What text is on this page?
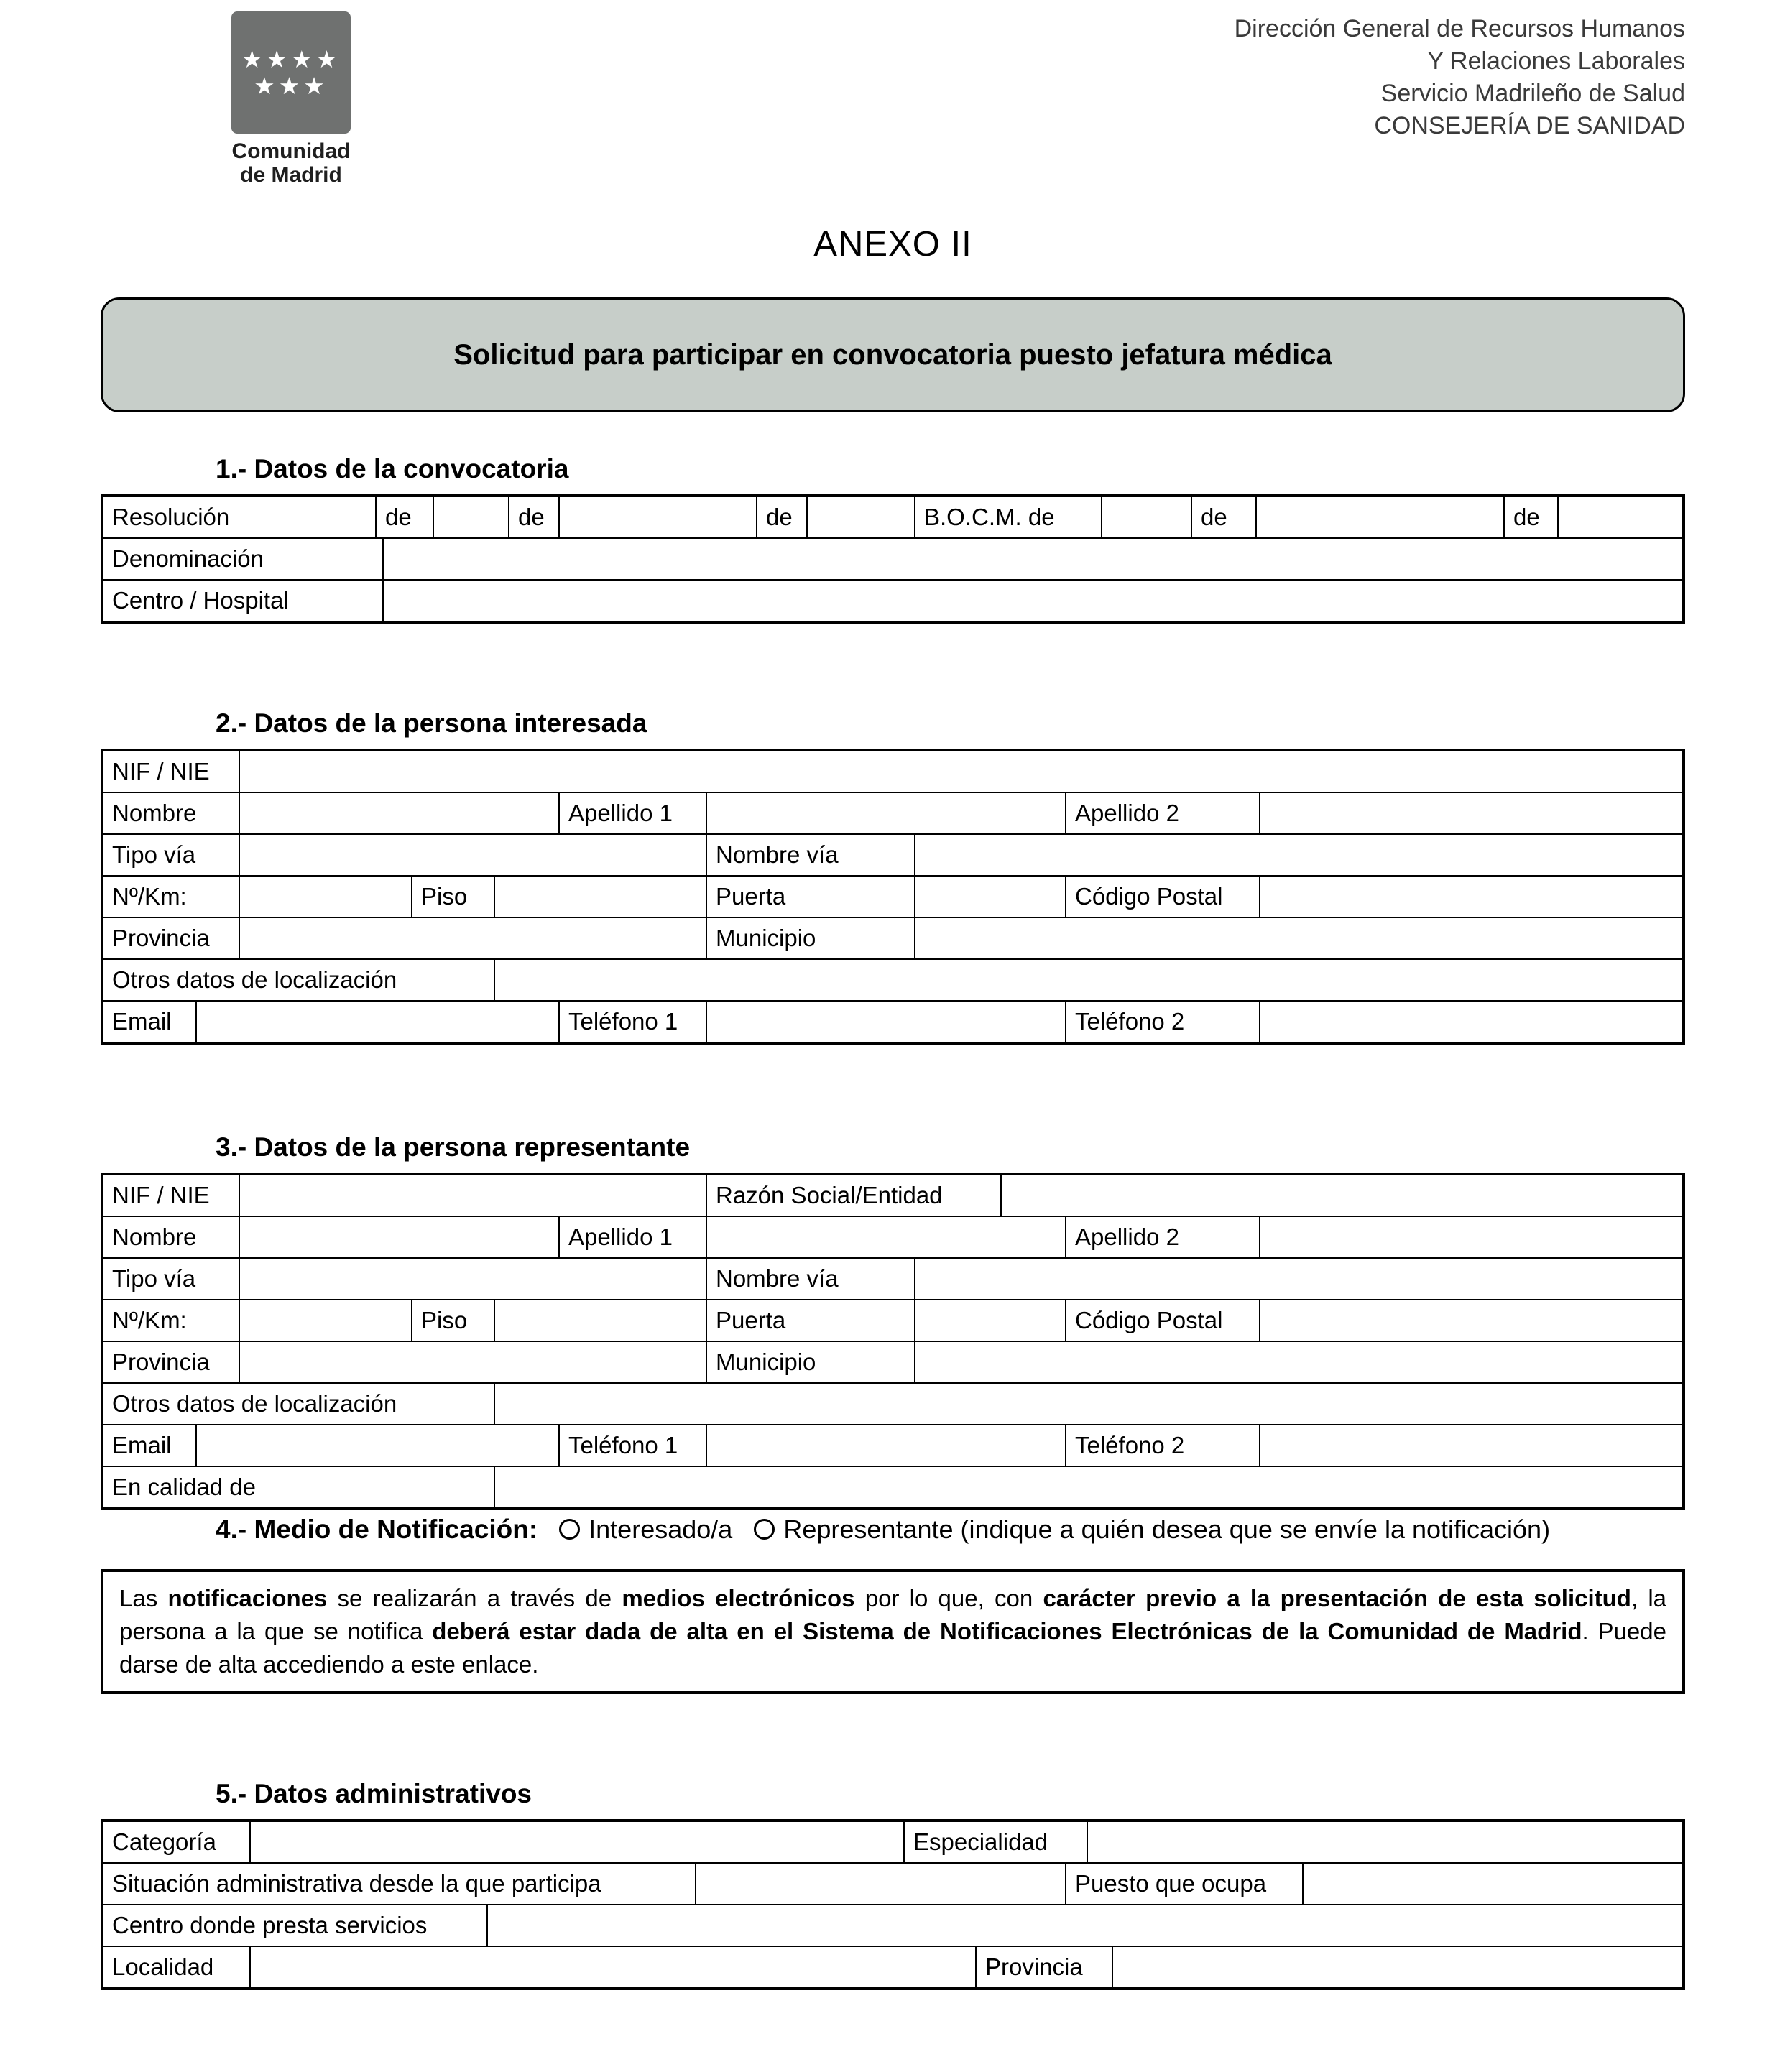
★★★★
★★★
Comunidad
de Madrid
Dirección General de Recursos Humanos
Y Relaciones Laborales
Servicio Madrileño de Salud
CONSEJERÍA DE SANIDAD
ANEXO II
Solicitud para participar en convocatoria puesto jefatura médica
1.- Datos de la convocatoria
Resolución	de	de	de	B.O.C.M. de	de	de
Denominación
Centro / Hospital
2.- Datos de la persona interesada
NIF / NIE
Nombre	Apellido 1	Apellido 2
Tipo vía	Nombre vía
Nº/Km:	Piso	Puerta	Código Postal
Provincia	Municipio
Otros datos de localización
Email	Teléfono 1	Teléfono 2
3.- Datos de la persona representante
NIF / NIE	Razón Social/Entidad
Nombre	Apellido 1	Apellido 2
Tipo vía	Nombre vía
Nº/Km:	Piso	Puerta	Código Postal
Provincia	Municipio
Otros datos de localización
Email	Teléfono 1	Teléfono 2
En calidad de
4.- Medio de Notificación: Interesado/a Representante (indique a quién desea que se envíe la notificación)
Las notificaciones se realizarán a través de medios electrónicos por lo que, con carácter previo a la presentación de esta solicitud, la persona a la que se notifica deberá estar dada de alta en el Sistema de Notificaciones Electrónicas de la Comunidad de Madrid. Puede darse de alta accediendo a este enlace.
5.- Datos administrativos
Categoría	Especialidad
Situación administrativa desde la que participa	Puesto que ocupa
Centro donde presta servicios
Localidad	Provincia
